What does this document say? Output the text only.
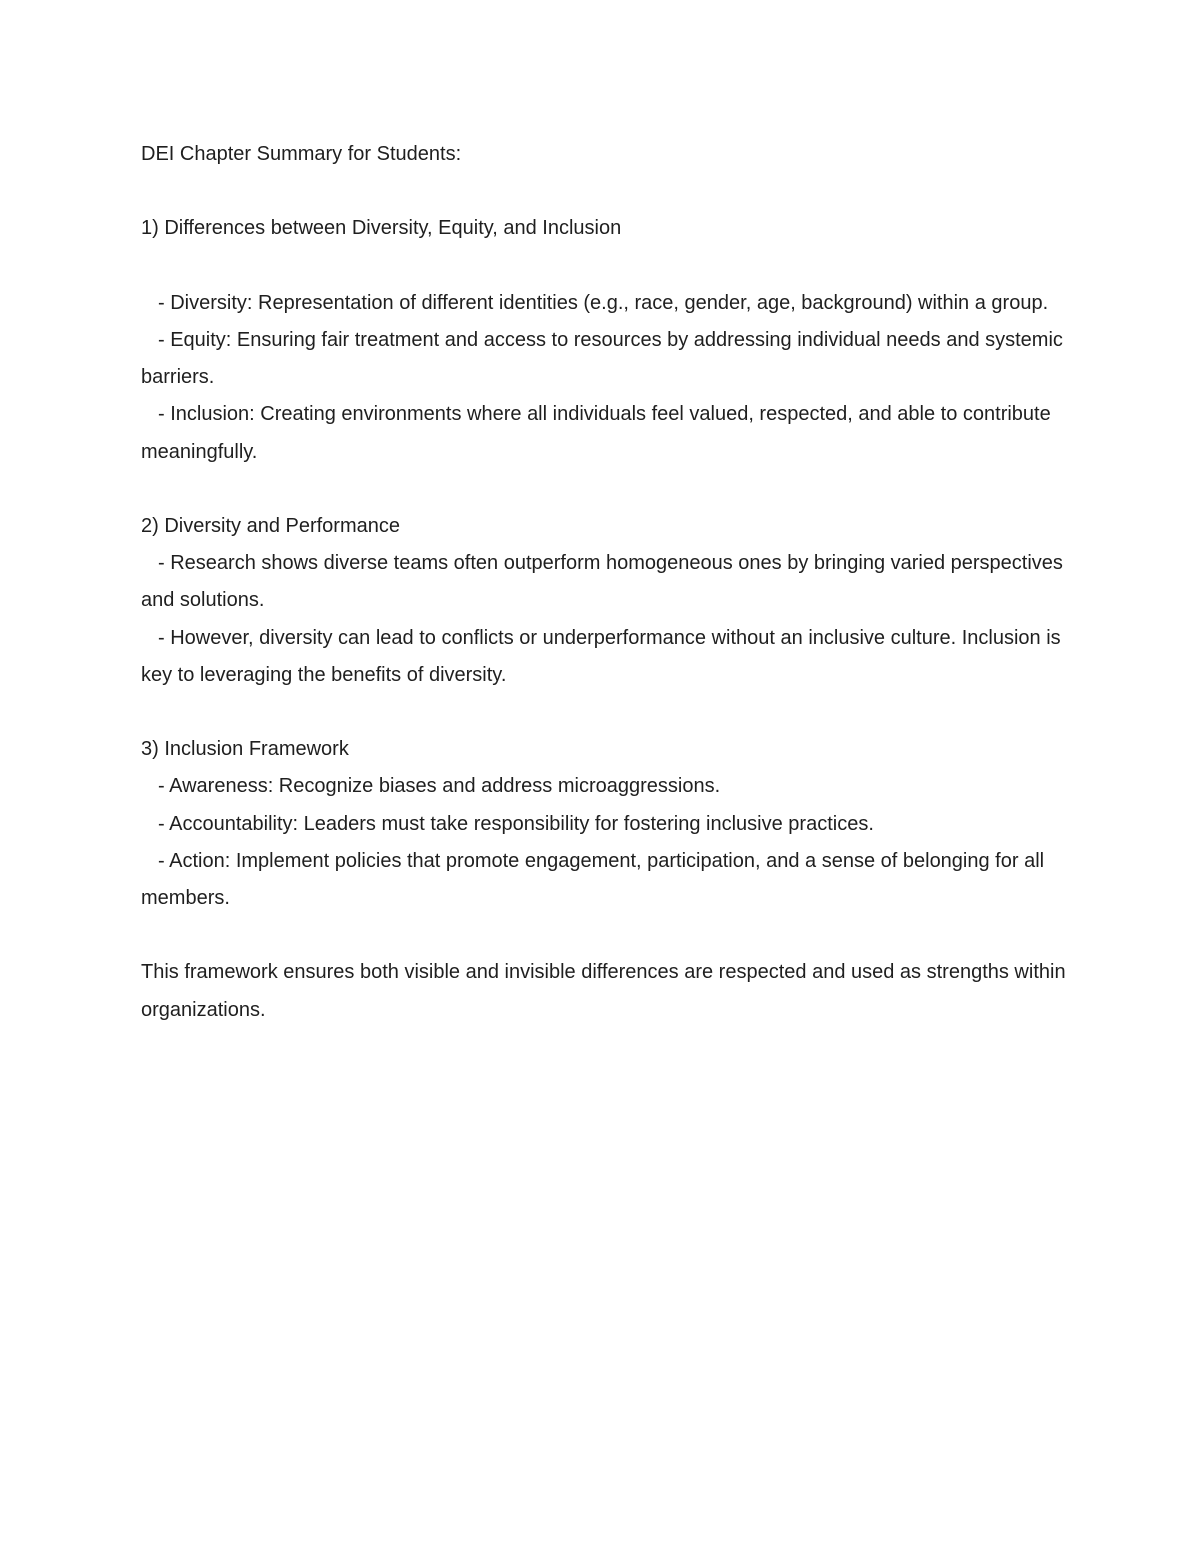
DEI Chapter Summary for Students:

1) Differences between Diversity, Equity, and Inclusion

- Diversity: Representation of different identities (e.g., race, gender, age, background) within a group.

- Equity: Ensuring fair treatment and access to resources by addressing individual needs and systemic barriers.

- Inclusion: Creating environments where all individuals feel valued, respected, and able to contribute meaningfully.

2) Diversity and Performance

- Research shows diverse teams often outperform homogeneous ones by bringing varied perspectives and solutions.

- However, diversity can lead to conflicts or underperformance without an inclusive culture. Inclusion is key to leveraging the benefits of diversity.

3) Inclusion Framework

- Awareness: Recognize biases and address microaggressions.

- Accountability: Leaders must take responsibility for fostering inclusive practices.

- Action: Implement policies that promote engagement, participation, and a sense of belonging for all members.

This framework ensures both visible and invisible differences are respected and used as strengths within organizations.
